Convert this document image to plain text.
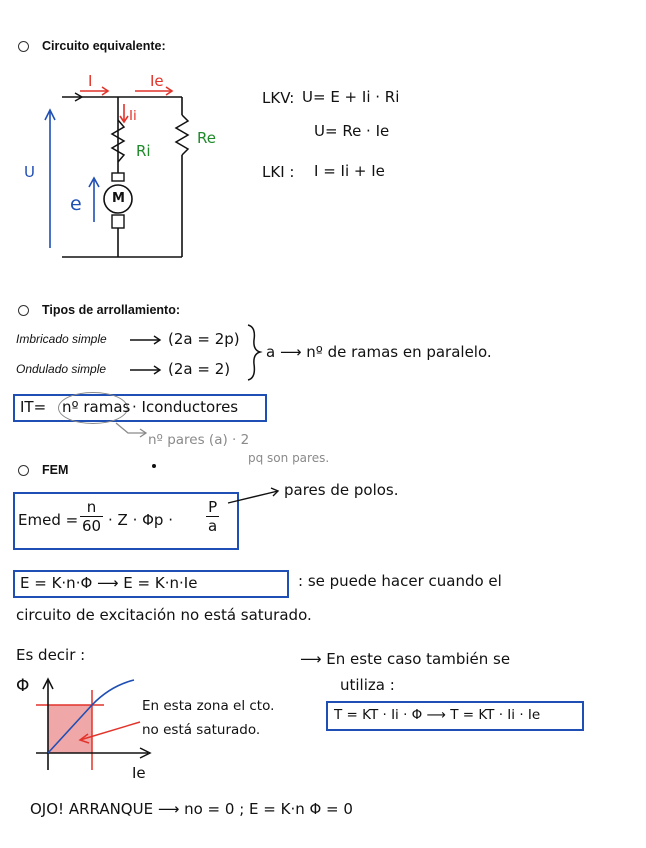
Circuito equivalente:
I	Ie
Ii
Ri
Re
U
e M
LKV: U= E + Ii · Ri
U= Re · Ie
LKI : I = Ii + Ie
Tipos de arrollamiento:
Imbricado simple	(2a = 2p)
Ondulado simple	(2a = 2)
a ⟶ nº de ramas en paralelo.
IT= nº ramas · Iconductores
nº pares (a) · 2
pq son pares.
FEM
Emed = $\frac{n}{60} \cdot Z \cdot \Phi p \cdot \frac{P}{a}$
pares de polos.
E = K·n·Φ ⟶ E = K·n·Ie	: se puede hacer cuando el
circuito de excitación no está saturado.
Es decir :	⟶ En este caso también se
utiliza :
Φ
Ie
En esta zona el cto.
no está saturado.
T = KT · Ii · Φ ⟶ T = KT · Ii · Ie
OJO! ARRANQUE ⟶ no = 0 ; E = K·n Φ = 0
